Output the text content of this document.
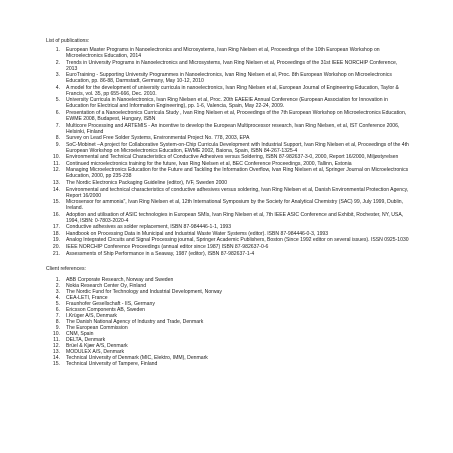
List of publications:
1.	European Master Programs in Nanoelectronics and Microsystems, Ivan Ring Nielsen et al, Proceedings of the 10th European Workshop on Microelectronics Education, 2014
2.	Trends in University Programs in Nanoelectronics and Microsystems, Ivan Ring Nielsen et al, Proceedings of the 31st IEEE NORCHIP Conference, 2013
3.	EuroTraining - Supporting University Programmes in Nanoelectronics, Ivan Ring Nielsen et al, Proc. 8th European Workshop on Microelectronics Education, pp. 86-88, Darmstadt, Germany, May 10-12, 2010
4.	A model for the development of university curricula in nanoelectronics, Ivan Ring Nielsen et al, European Journal of Engineering Education, Taylor & Francis, vol. 35, pp 655-666, Dec. 2010.
5.	University Curricula in Nanoelectronics, Ivan Ring Nielsen et al, Proc. 20th EAEEIE Annual Conference (European Association for Innovation in Education for Electrical and Information Engineering), pp. 1-6, Valencia, Spain, May 22-24, 2009.
6.	Presentation of a Nanoelectronics Curricula Study , Ivan Ring Nielsen et al, Proceedings of the 7th European Workshop on Microelectronics Education, EWME 2008, Budapest, Hungary, ISBN
7.	Multicore Processing and ARTEMIS - An incentive to develop the European Multiprocessor research, Ivan Ring Nielsen, et al, IST Conference 2006, Helsinki, Finland
8.	Survey on Lead Free Solder Systems, Environmental Project No. 778, 2003, EPA
9.	SoC-Mobinet –A project for Collaborative System-on-Chip Curricula Development with Industrial Support, Ivan Ring Nielsen et al, Proceedings of the 4th European Workshop on Microelectronics Education, EWME 2002, Baiona, Spain, ISBN 84-267-1325-4
10.	Environmental and Technical Characteristics of Conductive Adhesives versus Soldering, ISBN 87-982637-3-0, 2000, Report 16/2000, Miljøstyrelsen
11.	Continued microelectronics training for the future, Ivan Ring Nielsen et al, BEC Conference Proceedings, 2000, Tallinn, Estonia
12.	Managing Microelectronics Education for the Future and Tackling the Information Overflow, Ivan Ring Nielsen et al, Springer Journal on Microelectronics Education, 2000, pp 235-238
13.	The Nordic Electronics Packaging Guideline (editor), IVF, Sweden 2000
14.	Environmental and technical characteristics of conductive adhesives versus soldering, Ivan Ring Nielsen et al, Danish Environmental Protection Agency, Report 16/2000
15.	Microsensor for ammonia", Ivan Ring Nielsen et al, 12th International Symposium by the Society for Analytical Chemistry (SAC) 99, July 1999, Dublin, Ireland.
16.	Adoption and utilisation of ASIC technologies in European SMIs, Ivan Ring Nielsen et al, 7th IEEE ASIC Conference and Exhibit, Rochester, NY, USA, 1994, ISBN: 0-7803-2020-4
17.	Conductive adhesives as solder replacement, ISBN 87-984446-1-1, 1993
18.	Handbook on Processing Data in Municipal and Industrial Waste Water Systems (editor). ISBN 87-984446-0-3, 1993
19.	Analog Integrated Circuits and Signal Processing journal, Springer Academic Publishers, Boston (Since 1992 editor on several issues). ISSN 0925-1030
20.	IEEE NORCHIP Conference Proceedings (annual editor since 1987) ISBN 87-982637-0-6
21.	Assessments of Ship Performance in a Seaway, 1987 (editor), ISBN 87-982637-1-4
Client references:
1.	ABB Corporate Research, Norway and Sweden
2.	Nokia Research Center Oy, Finland
3.	The Nordic Fund for Technology and Industrial Development, Norway
4.	CEA-LETI, France
5.	Fraunhofer Gesellschaft - IIS, Germany
6.	Ericsson Components AB, Sweden
7.	I.Krüger A/S, Denmark
8.	The Danish National Agency of Industry and Trade, Denmark
9.	The European Commission
10.	CNM, Spain
11.	DELTA, Denmark
12.	Brüel & Kjær A/S, Denmark
13.	MODULEX A/S, Denmark
14.	Technical University of Denmark (MIC, Elektro, IMM), Denmark
15.	Technical University of Tampere, Finland
